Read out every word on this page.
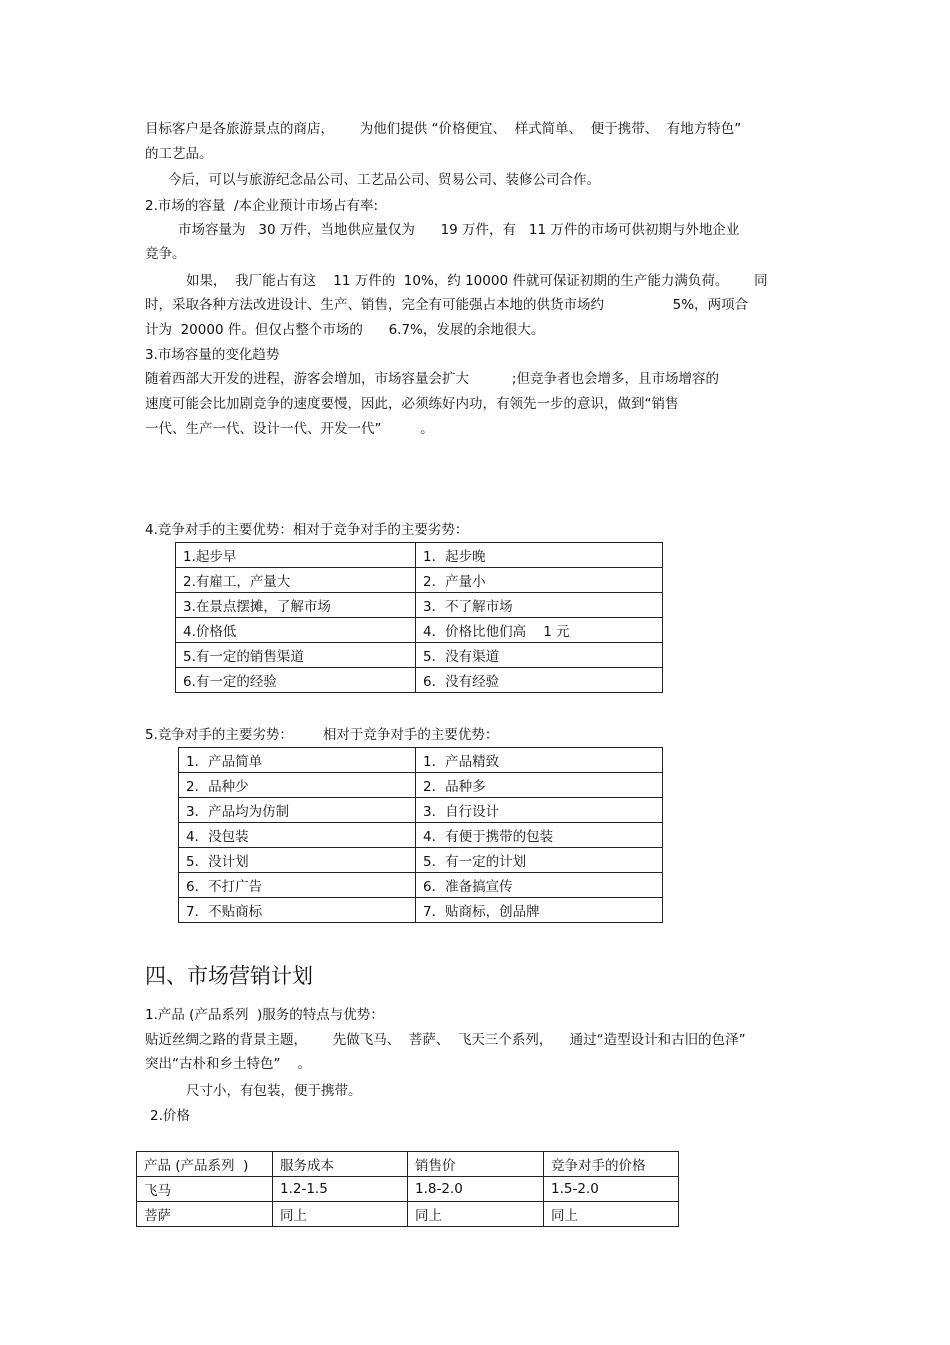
目标客户是各旅游景点的商店，      为他们提供 “价格便宜、  样式简单、  便于携带、  有地方特色”
的工艺品。
今后，可以与旅游纪念品公司、工艺品公司、贸易公司、装修公司合作。
2.市场的容量  /本企业预计市场占有率:
市场容量为   30 万件，当地供应量仅为      19 万件，有   11 万件的市场可供初期与外地企业
竞争。
如果，  我厂能占有这    11 万件的  10%，约 10000 件就可保证初期的生产能力满负荷。      同
时，采取各种方法改进设计、生产、销售，完全有可能强占本地的供货市场约                5%，两项合
计为  20000 件。但仅占整个市场的      6.7%，发展的余地很大。
3.市场容量的变化趋势
随着西部大开发的进程，游客会增加，市场容量会扩大          ;但竞争者也会增多，且市场增容的
速度可能会比加剧竞争的速度要慢，因此，必须练好内功，有领先一步的意识，做到“销售
一代、生产一代、设计一代、开发一代”         。
4.竞争对手的主要优势：相对于竞争对手的主要劣势：
1.起步早	1．起步晚
2.有雇工，产量大	2．产量小
3.在景点摆摊，了解市场	3．不了解市场
4.价格低	4．价格比他们高    1 元
5.有一定的销售渠道	5．没有渠道
6.有一定的经验	6．没有经验
5.竞争对手的主要劣势：       相对于竞争对手的主要优势：
1．产品简单	1．产品精致
2．品种少	2．品种多
3．产品均为仿制	3．自行设计
4．没包装	4．有便于携带的包装
5．没计划	5．有一定的计划
6．不打广告	6．准备搞宣传
7．不贴商标	7．贴商标，创品牌
四、市场营销计划
1.产品 (产品系列  )服务的特点与优势：
贴近丝绸之路的背景主题，      先做飞马、  菩萨、  飞天三个系列，    通过“造型设计和古旧的色泽”
突出“古朴和乡土特色”    。
尺寸小，有包装，便于携带。
2.价格
产品 (产品系列  )	服务成本	销售价	竞争对手的价格
飞马	1.2-1.5	1.8-2.0	1.5-2.0
菩萨	同上	同上	同上
